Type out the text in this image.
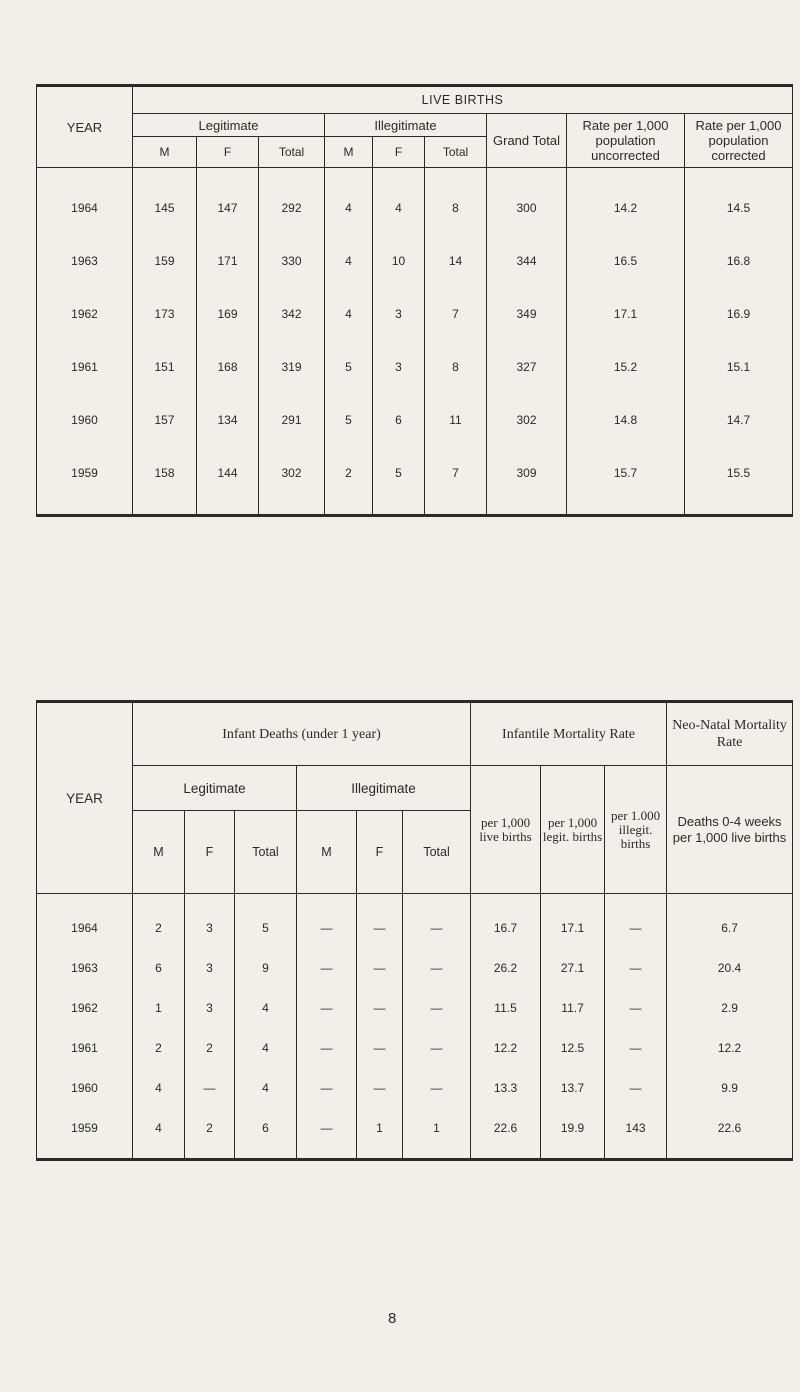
YEAR	LIVE BIRTHS								
	Legitimate			Illegitimate			Grand Total	Rate per 1,000 population uncorrected	Rate per 1,000 population corrected
	M	F	Total	M	F	Total			
1964	145	147	292	4	4	8	300	14.2	14.5
1963	159	171	330	4	10	14	344	16.5	16.8
1962	173	169	342	4	3	7	349	17.1	16.9
1961	151	168	319	5	3	8	327	15.2	15.1
1960	157	134	291	5	6	11	302	14.8	14.7
1959	158	144	302	2	5	7	309	15.7	15.5
YEAR	Infant Deaths (under 1 year)						Infantile Mortality Rate			Neo-Natal Mortality Rate
	Legitimate			Illegitimate			per 1,000 live births	per 1,000 legit. births	per 1.000 illegit. births	Deaths 0-4 weeks per 1,000 live births
	M	F	Total	M	F	Total				
1964	2	3	5	—	—	—	16.7	17.1	—	6.7
1963	6	3	9	—	—	—	26.2	27.1	—	20.4
1962	1	3	4	—	—	—	11.5	11.7	—	2.9
1961	2	2	4	—	—	—	12.2	12.5	—	12.2
1960	4	—	4	—	—	—	13.3	13.7	—	9.9
1959	4	2	6	—	1	1	22.6	19.9	143	22.6
8
